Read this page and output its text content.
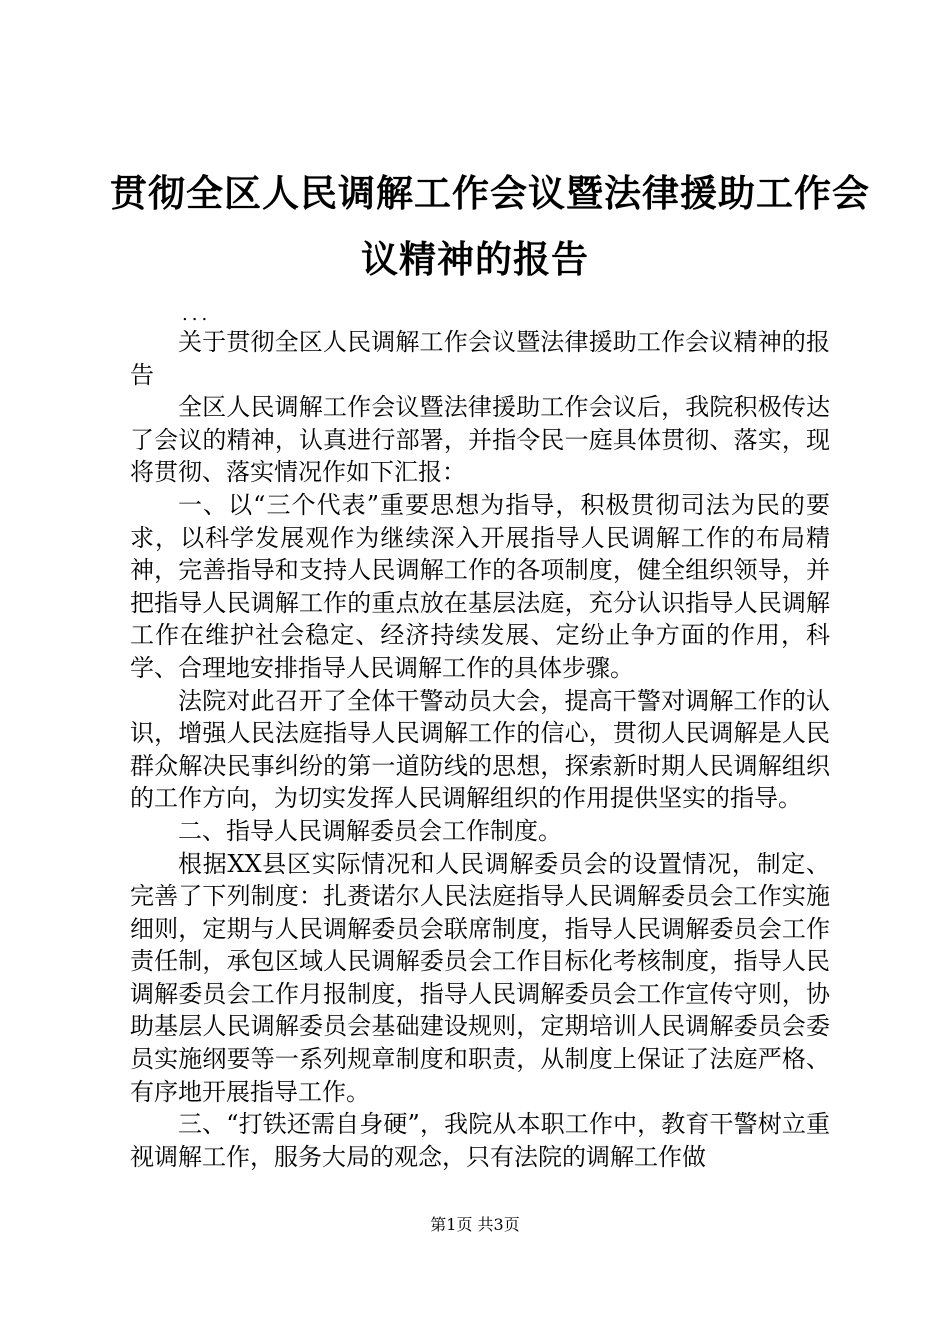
贯彻全区人民调解工作会议暨法律援助工作会
议精神的报告
...

关于贯彻全区人民调解工作会议暨法律援助工作会议精神的报告

全区人民调解工作会议暨法律援助工作会议后，我院积极传达了会议的精神，认真进行部署，并指令民一庭具体贯彻、落实，现将贯彻、落实情况作如下汇报：

一、以“三个代表”重要思想为指导，积极贯彻司法为民的要求，以科学发展观作为继续深入开展指导人民调解工作的布局精神，完善指导和支持人民调解工作的各项制度，健全组织领导，并把指导人民调解工作的重点放在基层法庭，充分认识指导人民调解工作在维护社会稳定、经济持续发展、定纷止争方面的作用，科学、合理地安排指导人民调解工作的具体步骤。

法院对此召开了全体干警动员大会，提高干警对调解工作的认识，增强人民法庭指导人民调解工作的信心，贯彻人民调解是人民群众解决民事纠纷的第一道防线的思想，探索新时期人民调解组织的工作方向，为切实发挥人民调解组织的作用提供坚实的指导。

二、指导人民调解委员会工作制度。

根据XX县区实际情况和人民调解委员会的设置情况，制定、完善了下列制度：扎赉诺尔人民法庭指导人民调解委员会工作实施细则，定期与人民调解委员会联席制度，指导人民调解委员会工作责任制，承包区域人民调解委员会工作目标化考核制度，指导人民调解委员会工作月报制度，指导人民调解委员会工作宣传守则，协助基层人民调解委员会基础建设规则，定期培训人民调解委员会委员实施纲要等一系列规章制度和职责，从制度上保证了法庭严格、有序地开展指导工作。

三、“打铁还需自身硬”，我院从本职工作中，教育干警树立重视调解工作，服务大局的观念，只有法院的调解工作做

第1页 共3页
